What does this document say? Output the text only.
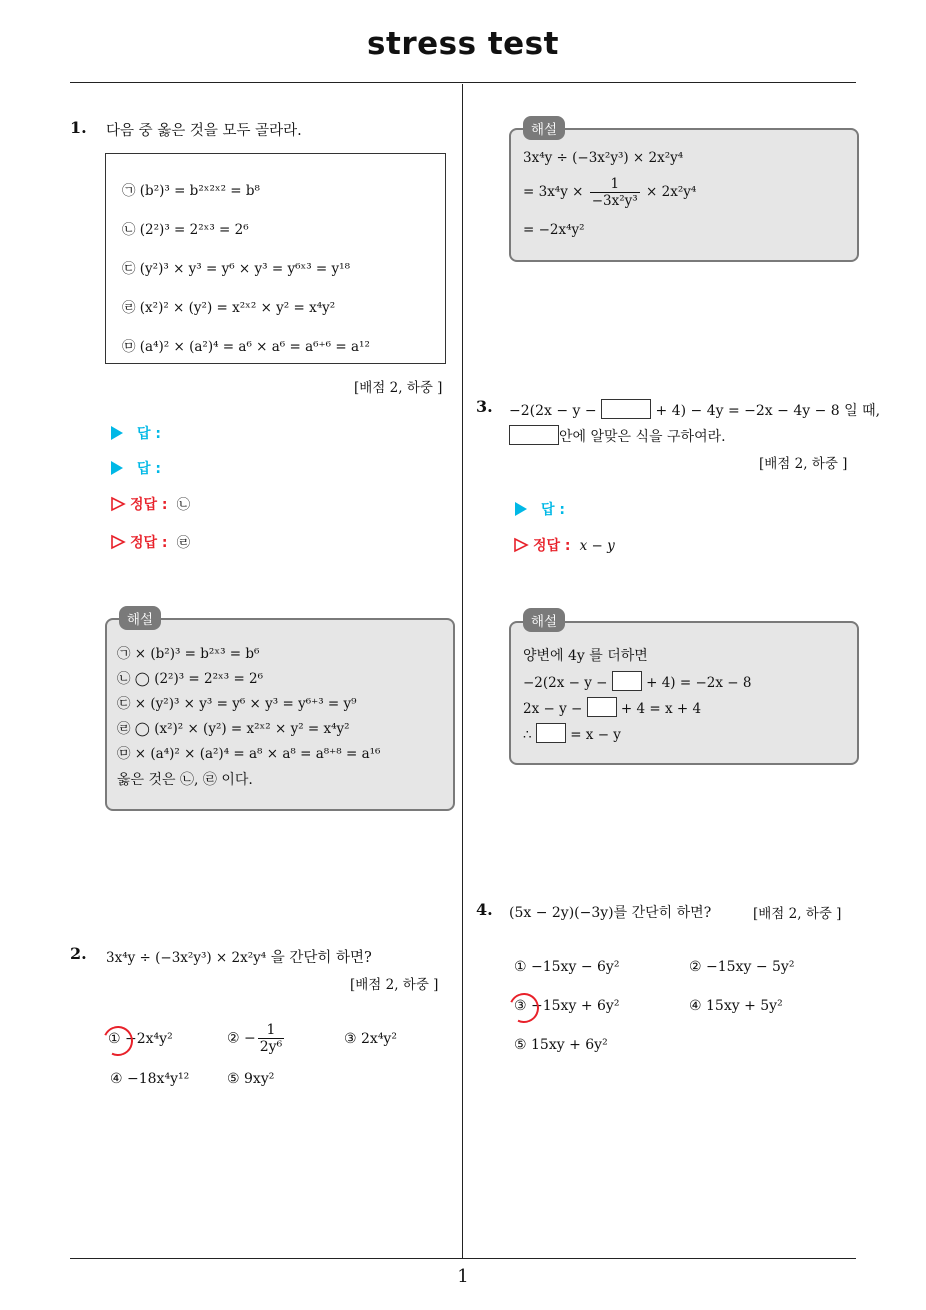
stress test
1
1. 다음 중 옳은 것을 모두 골라라.
㉠ (b²)³ = b²ˣ²ˣ² = b⁸
㉡ (2²)³ = 2²ˣ³ = 2⁶
㉢ (y²)³ × y³ = y⁶ × y³ = y⁶ˣ³ = y¹⁸
㉣ (x²)² × (y²) = x²ˣ² × y² = x⁴y²
㉤ (a⁴)² × (a²)⁴ = a⁶ × a⁶ = a⁶⁺⁶ = a¹²
[배점 2, 하중 ]
답 :
답 :
정답 : ㉡
정답 : ㉣
㉠ × (b²)³ = b²ˣ³ = b⁶
㉡ ◯ (2²)³ = 2²ˣ³ = 2⁶
㉢ × (y²)³ × y³ = y⁶ × y³ = y⁶⁺³ = y⁹
㉣ ◯ (x²)² × (y²) = x²ˣ² × y² = x⁴y²
㉤ × (a⁴)² × (a²)⁴ = a⁸ × a⁸ = a⁸⁺⁸ = a¹⁶
옳은 것은 ㉡, ㉣ 이다.
해설
2. 3x⁴y ÷ (−3x²y³) × 2x²y⁴ 을 간단히 하면?
[배점 2, 하중 ]
① −2x⁴y²	② − $\frac{1}{\text{2y⁶}}$	③ 2x⁴y²
④ −18x⁴y¹²	⑤ 9xy²
3x⁴y ÷ (−3x²y³) × 2x²y⁴
= $3x^4y \times \frac{1}{\text{−3x²y³}} \times 2x^2y^4$
= −2x⁴y²
해설
3. −2(2x − y −	+ 4) − 4y = −2x − 4y − 8 일 때,
안에 알맞은 식을 구하여라.
[배점 2, 하중 ]
답 :
정답 : x − y
양변에 4y 를 더하면
−2(2x − y −	+ 4) = −2x − 8
2x − y −	+ 4 = x + 4
∴	= x − y
해설
4. (5x − 2y)(−3y)를 간단히 하면?	[배점 2, 하중 ]
① −15xy − 6y²	② −15xy − 5y²
③ −15xy + 6y²	④ 15xy + 5y²
⑤ 15xy + 6y²
